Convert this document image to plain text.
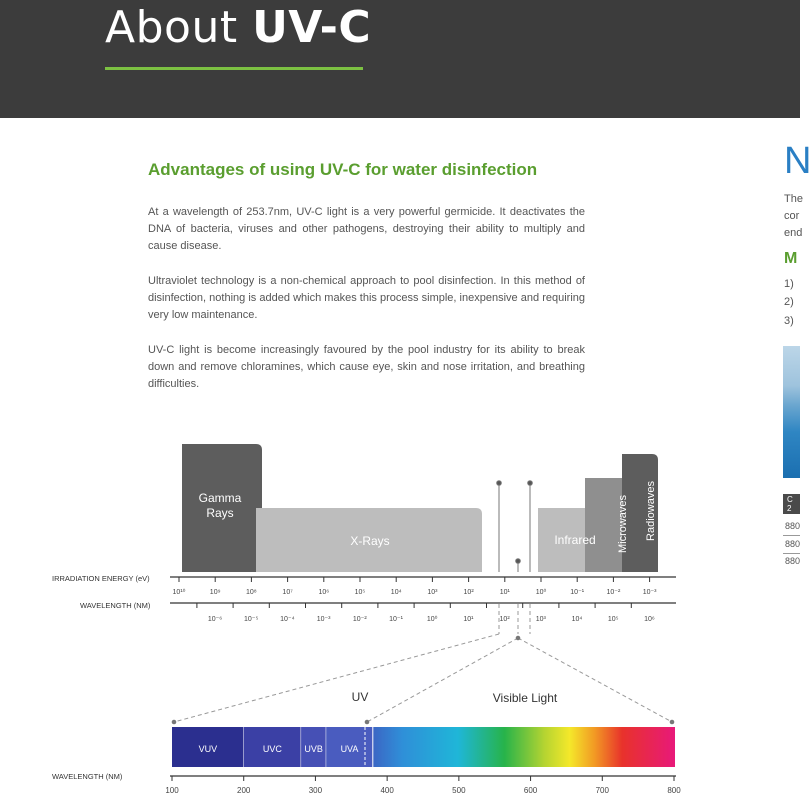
About UV-C
Advantages of using UV-C for water disinfection

At a wavelength of 253.7nm, UV-C light is a very powerful germicide. It deactivates the DNA of bacteria, viruses and other pathogens, destroying their ability to multiply and cause disease.

Ultraviolet technology is a non-chemical approach to pool disinfection. In this method of disinfection, nothing is added which makes this process simple, inexpensive and requiring very low maintenance.

UV-C light is become increasingly favoured by the pool industry for its ability to break down and remove chloramines, which cause eye, skin and nose irritation, and breathing difficulties.

N
The
cor
end
M
1)
2)
3)
C
2
880
880
880
Gamma
Rays
X-Rays	Infrared Microwaves Radiowaves
IRRADIATION ENERGY (eV)
10¹⁰	10⁹	10⁸	10⁷	10⁶	10⁵	10⁴	10³	10²	10¹	10⁰	10⁻¹	10⁻²	10⁻³
WAVELENGTH (NM)
10⁻⁶	10⁻⁵	10⁻⁴	10⁻³	10⁻²	10⁻¹	10⁰	10¹	10²	10³	10⁴	10⁵	10⁶
UV	Visible Light
VUV	UVC UVB UVA
WAVELENGTH (NM)
100	200	300	400	500	600	700	800
